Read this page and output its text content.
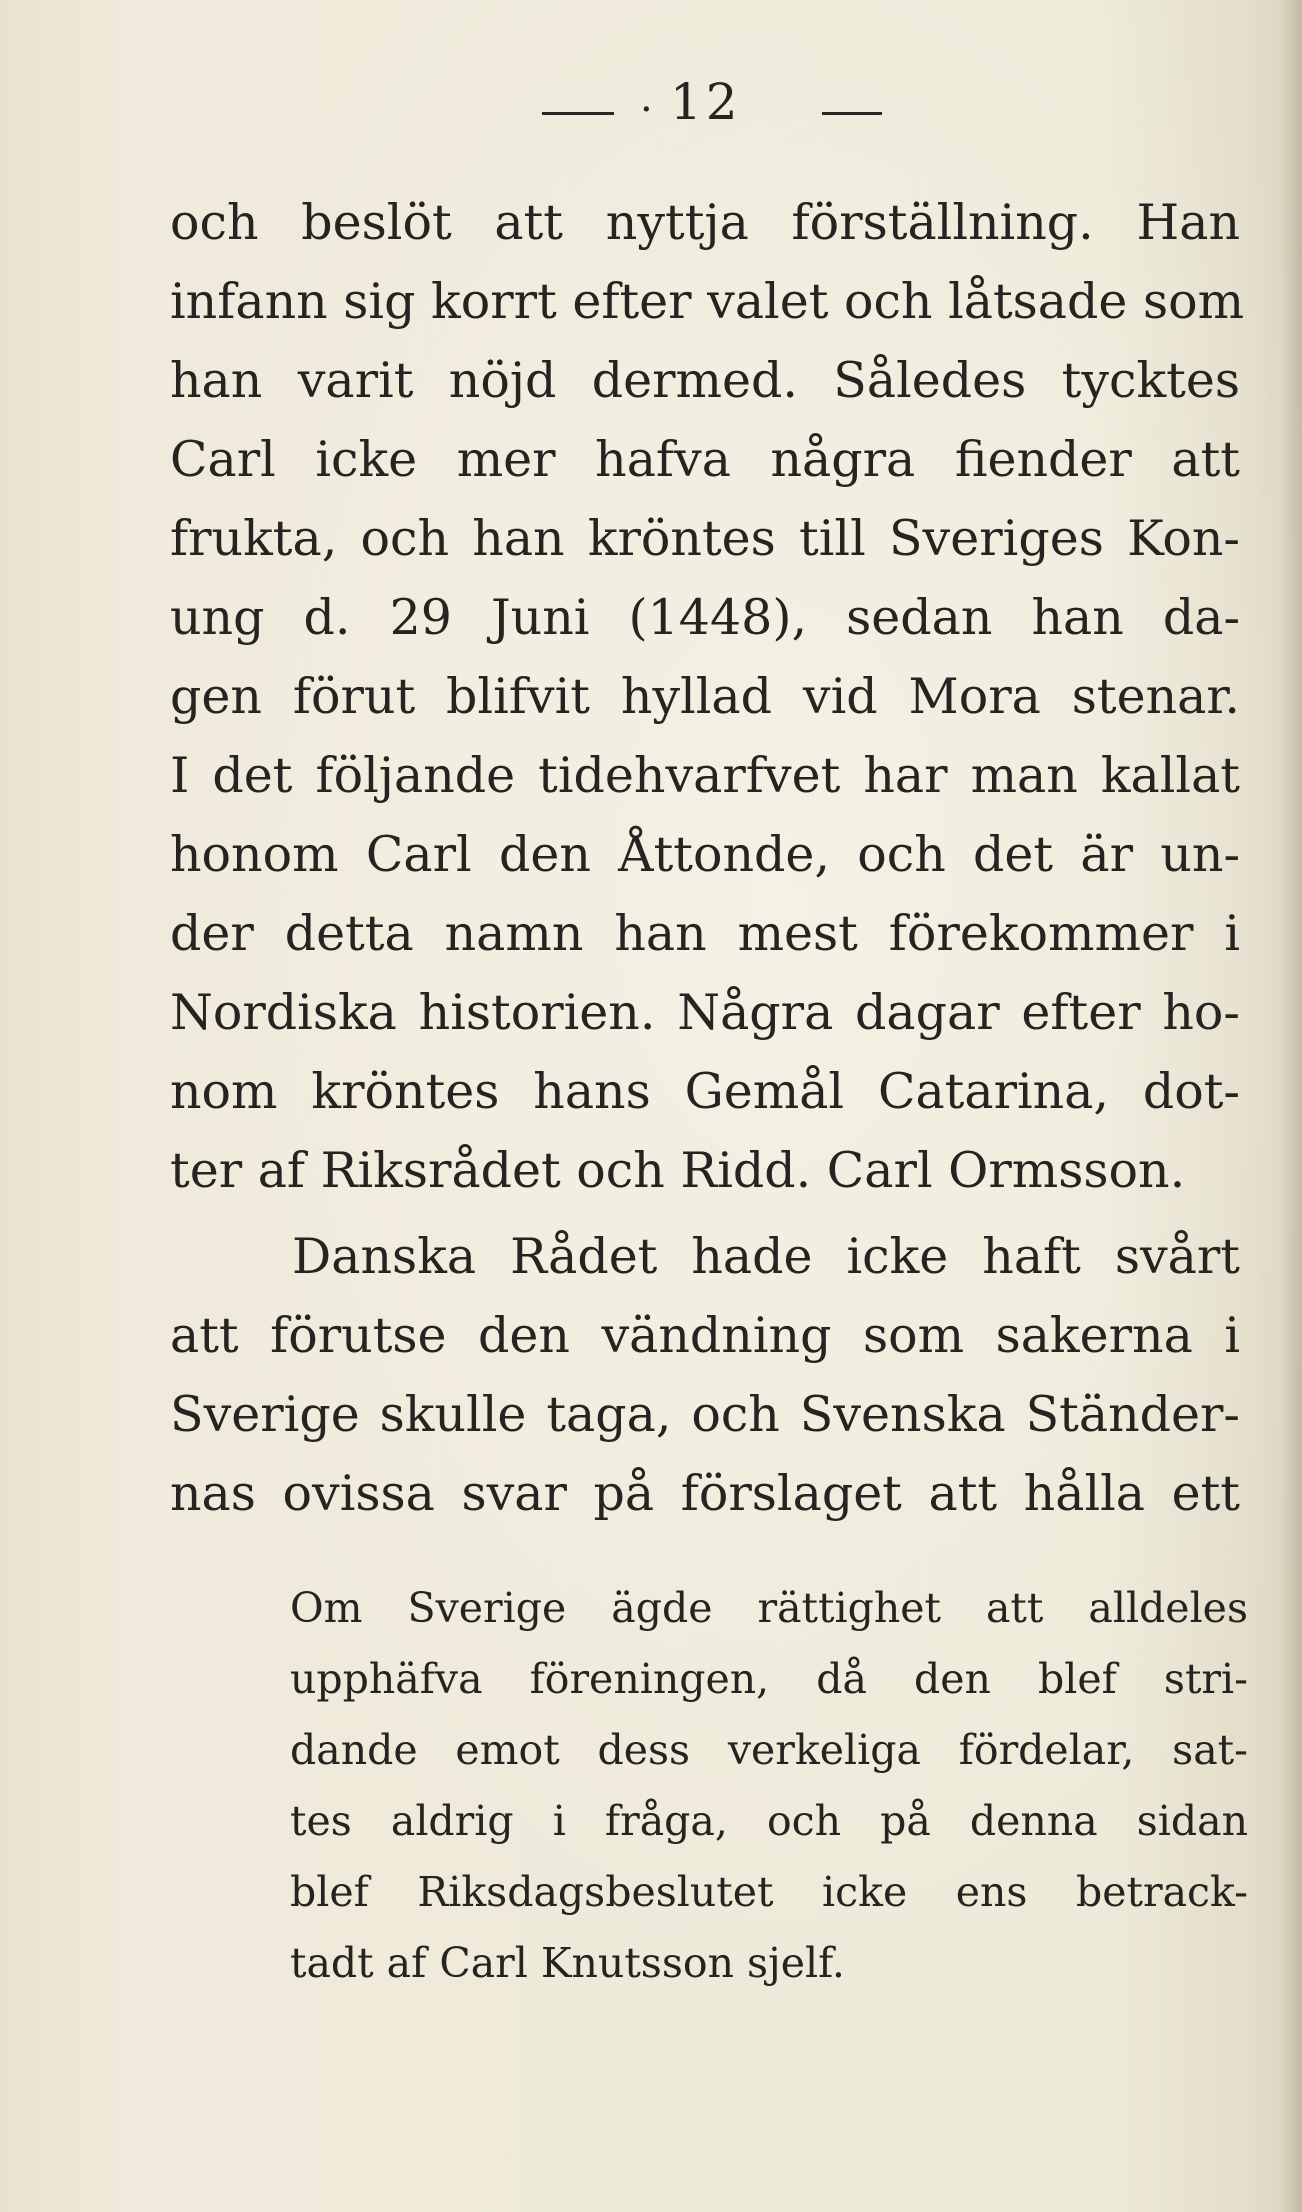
· 12

och beslöt att nyttja förställning. Han

infann sig korrt efter valet och låtsade som

han varit nöjd dermed. Således tycktes

Carl icke mer hafva några fiender att

frukta, och han kröntes till Sveriges Kon-

ung d. 29 Juni (1448), sedan han da-

gen förut blifvit hyllad vid Mora stenar.

I det följande tidehvarfvet har man kallat

honom Carl den Åttonde, och det är un-

der detta namn han mest förekommer i

Nordiska historien. Några dagar efter ho-

nom kröntes hans Gemål Catarina, dot-

ter af Riksrådet och Ridd. Carl Ormsson.

Danska Rådet hade icke haft svårt

att förutse den vändning som sakerna i

Sverige skulle taga, och Svenska Ständer-

nas ovissa svar på förslaget att hålla ett

Om Sverige ägde rättighet att alldeles

upphäfva föreningen, då den blef stri-

dande emot dess verkeliga fördelar, sat-

tes aldrig i fråga, och på denna sidan

blef Riksdagsbeslutet icke ens betrack-

tadt af Carl Knutsson sjelf.
